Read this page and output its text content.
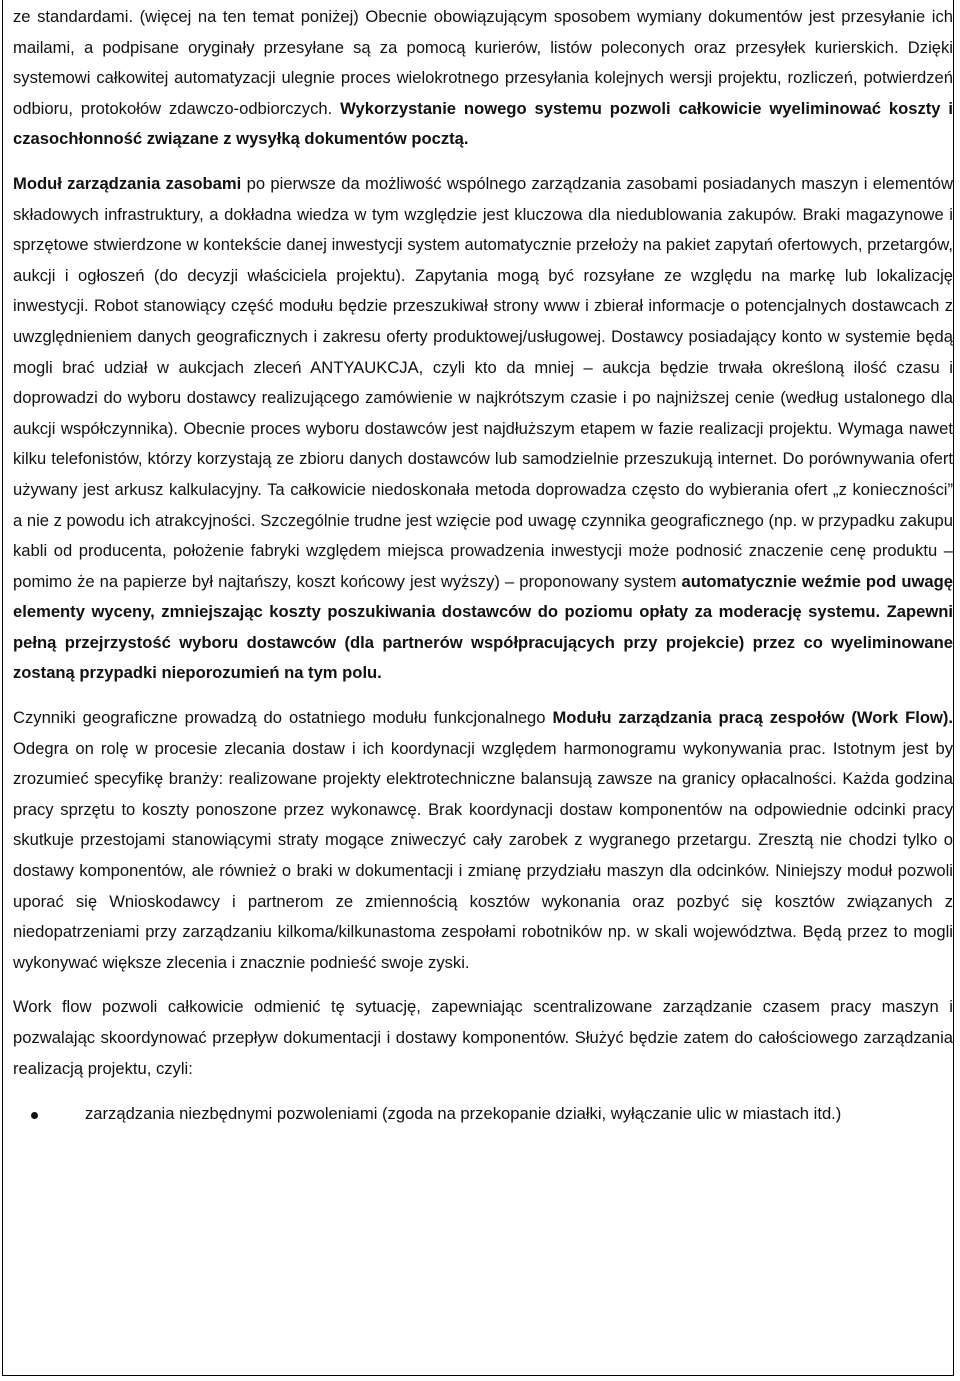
ze standardami. (więcej na ten temat poniżej) Obecnie obowiązującym sposobem wymiany dokumentów jest przesyłanie ich mailami, a podpisane oryginały przesyłane są za pomocą kurierów, listów poleconych oraz przesyłek kurierskich. Dzięki systemowi całkowitej automatyzacji ulegnie proces wielokrotnego przesyłania kolejnych wersji projektu, rozliczeń, potwierdzeń odbioru, protokołów zdawczo-odbiorczych. Wykorzystanie nowego systemu pozwoli całkowicie wyeliminować koszty i czasochłonność związane z wysyłką dokumentów pocztą.

Moduł zarządzania zasobami po pierwsze da możliwość wspólnego zarządzania zasobami posiadanych maszyn i elementów składowych infrastruktury, a dokładna wiedza w tym względzie jest kluczowa dla niedublowania zakupów. Braki magazynowe i sprzętowe stwierdzone w kontekście danej inwestycji system automatycznie przełoży na pakiet zapytań ofertowych, przetargów, aukcji i ogłoszeń (do decyzji właściciela projektu). Zapytania mogą być rozsyłane ze względu na markę lub lokalizację inwestycji. Robot stanowiący część modułu będzie przeszukiwał strony www i zbierał informacje o potencjalnych dostawcach z uwzględnieniem danych geograficznych i zakresu oferty produktowej/usługowej. Dostawcy posiadający konto w systemie będą mogli brać udział w aukcjach zleceń ANTYAUKCJA, czyli kto da mniej – aukcja będzie trwała określoną ilość czasu i doprowadzi do wyboru dostawcy realizującego zamówienie w najkrótszym czasie i po najniższej cenie (według ustalonego dla aukcji współczynnika). Obecnie proces wyboru dostawców jest najdłuższym etapem w fazie realizacji projektu. Wymaga nawet kilku telefonistów, którzy korzystają ze zbioru danych dostawców lub samodzielnie przeszukują internet. Do porównywania ofert używany jest arkusz kalkulacyjny. Ta całkowicie niedoskonała metoda doprowadza często do wybierania ofert „z konieczności” a nie z powodu ich atrakcyjności. Szczególnie trudne jest wzięcie pod uwagę czynnika geograficznego (np. w przypadku zakupu kabli od producenta, położenie fabryki względem miejsca prowadzenia inwestycji może podnosić znaczenie cenę produktu – pomimo że na papierze był najtańszy, koszt końcowy jest wyższy) – proponowany system automatycznie weźmie pod uwagę elementy wyceny, zmniejszając koszty poszukiwania dostawców do poziomu opłaty za moderację systemu. Zapewni pełną przejrzystość wyboru dostawców (dla partnerów współpracujących przy projekcie) przez co wyeliminowane zostaną przypadki nieporozumień na tym polu.

Czynniki geograficzne prowadzą do ostatniego modułu funkcjonalnego Modułu zarządzania pracą zespołów (Work Flow). Odegra on rolę w procesie zlecania dostaw i ich koordynacji względem harmonogramu wykonywania prac. Istotnym jest by zrozumieć specyfikę branży: realizowane projekty elektrotechniczne balansują zawsze na granicy opłacalności. Każda godzina pracy sprzętu to koszty ponoszone przez wykonawcę. Brak koordynacji dostaw komponentów na odpowiednie odcinki pracy skutkuje przestojami stanowiącymi straty mogące zniweczyć cały zarobek z wygranego przetargu. Zresztą nie chodzi tylko o dostawy komponentów, ale również o braki w dokumentacji i zmianę przydziału maszyn dla odcinków. Niniejszy moduł pozwoli uporać się Wnioskodawcy i partnerom ze zmiennością kosztów wykonania oraz pozbyć się kosztów związanych z niedopatrzeniami przy zarządzaniu kilkoma/kilkunastoma zespołami robotników np. w skali województwa. Będą przez to mogli wykonywać większe zlecenia i znacznie podnieść swoje zyski.

Work flow pozwoli całkowicie odmienić tę sytuację, zapewniając scentralizowane zarządzanie czasem pracy maszyn i pozwalając skoordynować przepływ dokumentacji i dostawy komponentów. Służyć będzie zatem do całościowego zarządzania realizacją projektu, czyli:

zarządzania niezbędnymi pozwoleniami (zgoda na przekopanie działki, wyłączanie ulic w miastach itd.)
